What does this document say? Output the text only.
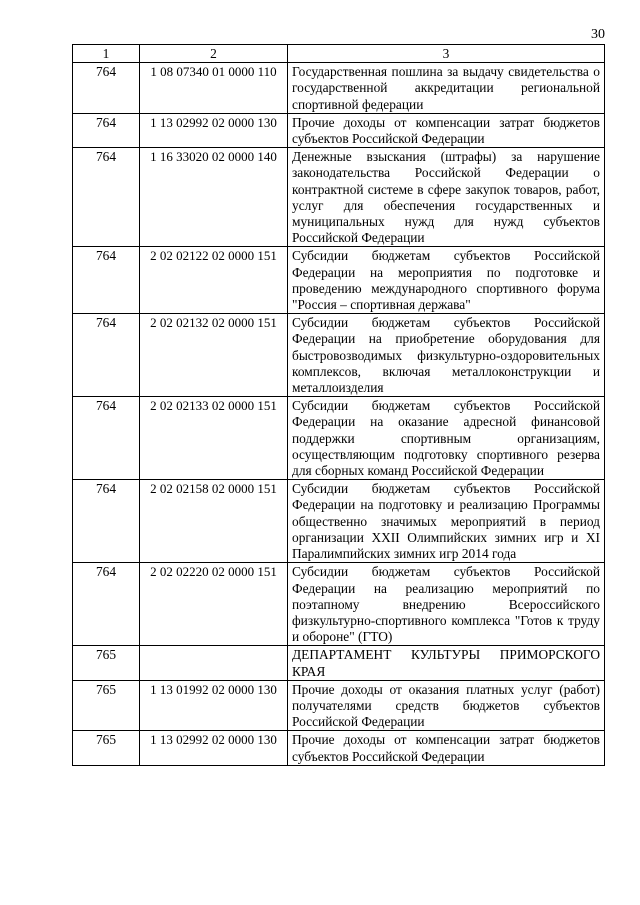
30
1	2	3
764	1 08 07340 01 0000 110	Государственная пошлина за выдачу свидетельства о государственной аккредитации региональной спортивной федерации
764	1 13 02992 02 0000 130	Прочие доходы от компенсации затрат бюджетов субъектов Российской Федерации
764	1 16 33020 02 0000 140	Денежные взыскания (штрафы) за нарушение законодательства Российской Федерации о контрактной системе в сфере закупок товаров, работ, услуг для обеспечения государственных и муниципальных нужд для нужд субъектов Российской Федерации
764	2 02 02122 02 0000 151	Субсидии бюджетам субъектов Российской Федерации на мероприятия по подготовке и проведению международного спортивного форума "Россия – спортивная держава"
764	2 02 02132 02 0000 151	Субсидии бюджетам субъектов Российской Федерации на приобретение оборудования для быстровозводимых физкультурно-оздоровительных комплексов, включая металлоконструкции и металлоизделия
764	2 02 02133 02 0000 151	Субсидии бюджетам субъектов Российской Федерации на оказание адресной финансовой поддержки спортивным организациям, осуществляющим подготовку спортивного резерва для сборных команд Российской Федерации
764	2 02 02158 02 0000 151	Субсидии бюджетам субъектов Российской Федерации на подготовку и реализацию Программы общественно значимых мероприятий в период организации XXII Олимпийских зимних игр и XI Паралимпийских зимних игр 2014 года
764	2 02 02220 02 0000 151	Субсидии бюджетам субъектов Российской Федерации на реализацию мероприятий по поэтапному внедрению Всероссийского физкультурно-спортивного комплекса "Готов к труду и обороне" (ГТО)
765		ДЕПАРТАМЕНТ КУЛЬТУРЫ ПРИМОРСКОГО КРАЯ
765	1 13 01992 02 0000 130	Прочие доходы от оказания платных услуг (работ) получателями средств бюджетов субъектов Российской Федерации
765	1 13 02992 02 0000 130	Прочие доходы от компенсации затрат бюджетов субъектов Российской Федерации
